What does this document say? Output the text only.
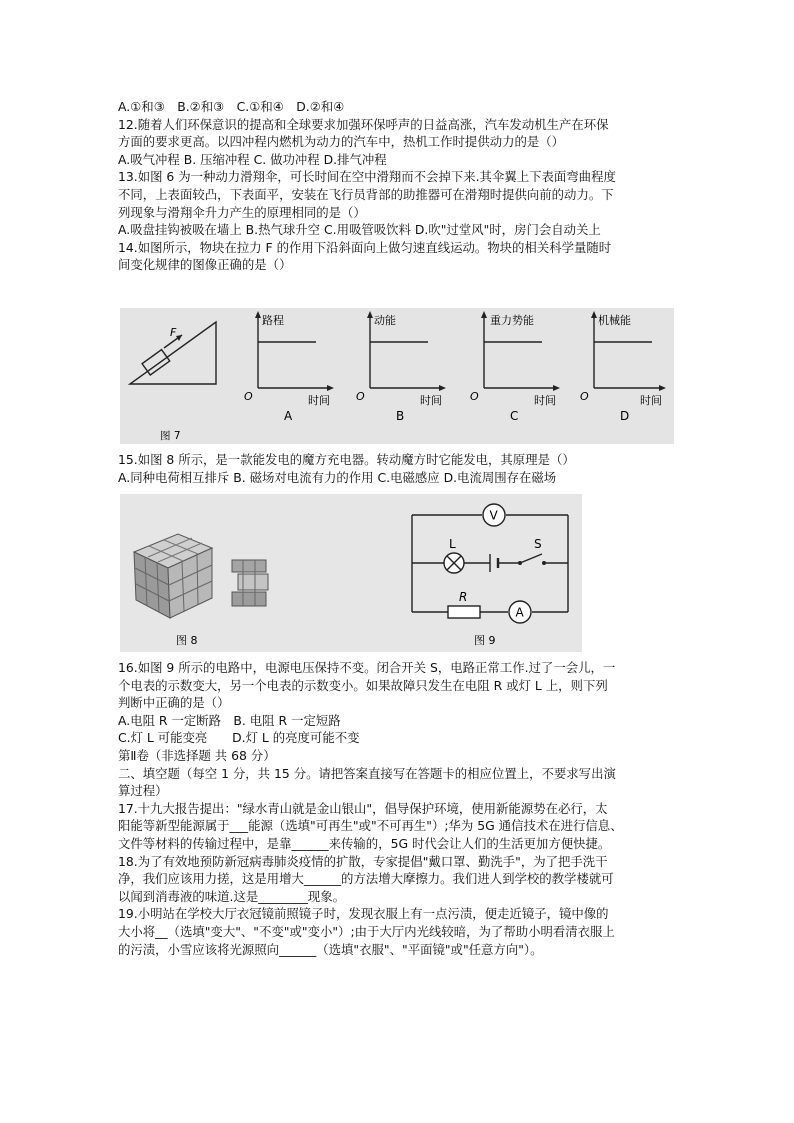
A.①和③　B.②和③　C.①和④　D.②和④
12.随着人们环保意识的提高和全球要求加强环保呼声的日益高涨，汽车发动机生产在环保
方面的要求更高。以四冲程内燃机为动力的汽车中，热机工作时提供动力的是（）
A.吸气冲程 B. 压缩冲程 C. 做功冲程 D.排气冲程
13.如图 6 为一种动力滑翔伞，可长时间在空中滑翔而不会掉下来.其伞翼上下表面弯曲程度
不同，上表面较凸，下表面平，安装在飞行员背部的助推器可在滑翔时提供向前的动力。下
列现象与滑翔伞升力产生的原理相同的是（）
A.吸盘挂钩被吸在墙上 B.热气球升空 C.用吸管吸饮料 D.吹"过堂风"时，房门会自动关上
14.如图所示，物块在拉力 F 的作用下沿斜面向上做匀速直线运动。物块的相关科学量随时
间变化规律的图像正确的是（）
F
图 7
路程
O	时间
A
动能
O	时间
B
重力势能
O	时间
C
机械能
O	时间
D
15.如图 8 所示，是一款能发电的魔方充电器。转动魔方时它能发电，其原理是（）
A.同种电荷相互排斥 B. 磁场对电流有力的作用 C.电磁感应 D.电流周围存在磁场
图 8
V
L	S
R
A
图 9
16.如图 9 所示的电路中，电源电压保持不变。闭合开关 S，电路正常工作.过了一会儿，一
个电表的示数变大，另一个电表的示数变小。如果故障只发生在电阻 R 或灯 L 上，则下列
判断中正确的是（）
A.电阻 R 一定断路　B. 电阻 R 一定短路
C.灯 L 可能变亮　　D.灯 L 的亮度可能不变
第Ⅱ卷（非选择题 共 68 分）
二、填空题（每空 1 分，共 15 分。请把答案直接写在答题卡的相应位置上，不要求写出演
算过程）
17.十九大报告提出："绿水青山就是金山银山"，倡导保护环境，使用新能源势在必行，太
阳能等新型能源属于___能源（选填"可再生"或"不可再生"）;华为 5G 通信技术在进行信息、
文件等材料的传输过程中，是靠______来传输的，5G 时代会让人们的生活更加方便快捷。
18.为了有效地预防新冠病毒肺炎疫情的扩散，专家提倡"戴口罩、勤洗手"，为了把手洗干
净，我们应该用力搓，这是用增大______的方法增大摩擦力。我们进人到学校的教学楼就可
以闻到消毒液的味道.这是________现象。
19.小明站在学校大厅衣冠镜前照镜子时，发现衣服上有一点污渍，便走近镜子，镜中像的
大小将__（选填"变大"、"不变"或"变小"）;由于大厅内光线较暗，为了帮助小明看清衣服上
的污渍，小雪应该将光源照向______（选填"衣服"、"平面镜"或"任意方向"）。
